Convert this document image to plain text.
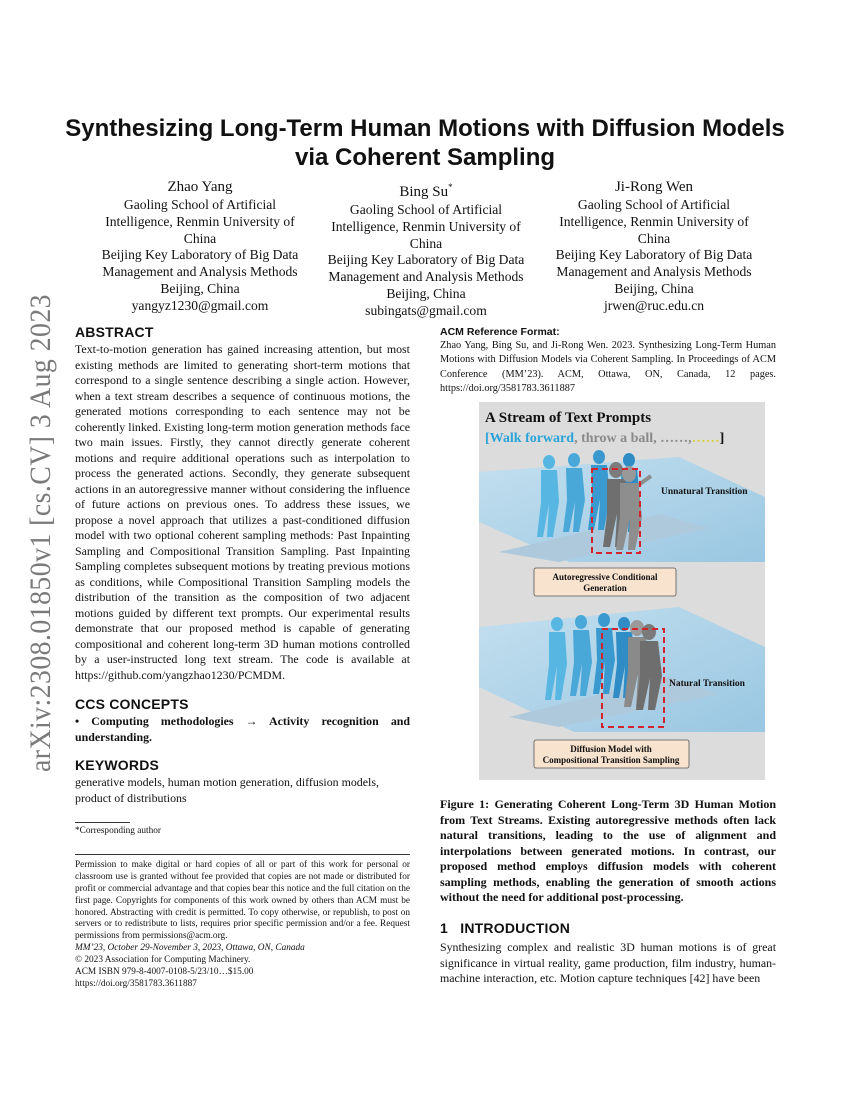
arXiv:2308.01850v1 [cs.CV] 3 Aug 2023
Synthesizing Long-Term Human Motions with Diffusion Models
via Coherent Sampling
Zhao Yang
Gaoling School of Artificial
Intelligence, Renmin University of
China
Beijing Key Laboratory of Big Data
Management and Analysis Methods
Beijing, China
yangyz1230@gmail.com
Bing Su*
Gaoling School of Artificial
Intelligence, Renmin University of
China
Beijing Key Laboratory of Big Data
Management and Analysis Methods
Beijing, China
subingats@gmail.com
Ji-Rong Wen
Gaoling School of Artificial
Intelligence, Renmin University of
China
Beijing Key Laboratory of Big Data
Management and Analysis Methods
Beijing, China
jrwen@ruc.edu.cn
ABSTRACT
Text-to-motion generation has gained increasing attention, but most existing methods are limited to generating short-term motions that correspond to a single sentence describing a single action. However, when a text stream describes a sequence of continuous motions, the generated motions corresponding to each sentence may not be coherently linked. Existing long-term motion generation methods face two main issues. Firstly, they cannot directly generate coherent motions and require additional operations such as interpolation to process the generated actions. Secondly, they generate subsequent actions in an autoregressive manner without considering the influence of future actions on previous ones. To address these issues, we propose a novel approach that utilizes a past-conditioned diffusion model with two optional coherent sampling methods: Past Inpainting Sampling and Compositional Transition Sampling. Past Inpainting Sampling completes subsequent motions by treating previous motions as conditions, while Compositional Transition Sampling models the distribution of the transition as the composition of two adjacent motions guided by different text prompts. Our experimental results demonstrate that our proposed method is capable of generating compositional and coherent long-term 3D human motions controlled by a user-instructed long text stream. The code is available at https://github.com/yangzhao1230/PCMDM.
CCS CONCEPTS
• Computing methodologies → Activity recognition and understanding.
KEYWORDS
generative models, human motion generation, diffusion models, product of distributions
*Corresponding author
Permission to make digital or hard copies of all or part of this work for personal or classroom use is granted without fee provided that copies are not made or distributed for profit or commercial advantage and that copies bear this notice and the full citation on the first page. Copyrights for components of this work owned by others than ACM must be honored. Abstracting with credit is permitted. To copy otherwise, or republish, to post on servers or to redistribute to lists, requires prior specific permission and/or a fee. Request permissions from permissions@acm.org.
MM’23, October 29-November 3, 2023, Ottawa, ON, Canada
© 2023 Association for Computing Machinery.
ACM ISBN 979-8-4007-0108-5/23/10…$15.00
https://doi.org/3581783.3611887
ACM Reference Format:
Zhao Yang, Bing Su, and Ji-Rong Wen. 2023. Synthesizing Long-Term Human Motions with Diffusion Models via Coherent Sampling. In Proceedings of ACM Conference (MM’23). ACM, Ottawa, ON, Canada, 12 pages. https://doi.org/3581783.3611887
A Stream of Text Prompts
[Walk forward, throw a ball, ……,……]
Unnatural Transition
Autoregressive Conditional
Generation
Natural Transition
Diffusion Model with
Compositional Transition Sampling
Figure 1: Generating Coherent Long-Term 3D Human Motion from Text Streams. Existing autoregressive methods often lack natural transitions, leading to the use of alignment and interpolations between generated motions. In contrast, our proposed method employs diffusion models with coherent sampling methods, enabling the generation of smooth actions without the need for additional post-processing.
1 INTRODUCTION
Synthesizing complex and realistic 3D human motions is of great significance in virtual reality, game production, film industry, human-machine interaction, etc. Motion capture techniques [42] have been
